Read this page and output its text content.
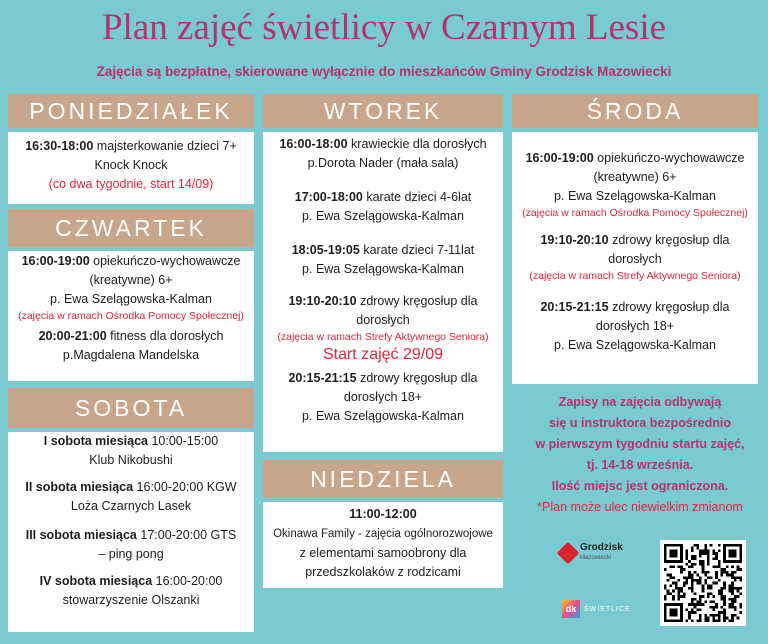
Plan zajęć świetlicy w Czarnym Lesie
Zajęcia są bezpłatne, skierowane wyłącznie do mieszkańców Gminy Grodzisk Mazowiecki
PONIEDZIAŁEK
16:30-18:00 majsterkowanie dzieci 7+
Knock Knock

(co dwa tygodnie, start 14/09)
CZWARTEK
16:00-19:00 opiekuńczo-wychowawcze
(kreatywne) 6+
p. Ewa Szelągowska-Kalman
(zajęcia w ramach Ośrodka Pomocy Społecznej)
20:00-21:00 fitness dla dorosłych
p.Magdalena Mandelska
SOBOTA
I sobota miesiąca 10:00-15:00
Klub Nikobushi
II sobota miesiąca 16:00-20:00 KGW
Loża Czarnych Lasek
III sobota miesiąca 17:00-20:00 GTS
– ping pong
IV sobota miesiąca 16:00-20:00
stowarzyszenie Olszanki
WTOREK
16:00-18:00 krawieckie dla dorosłych
p.Dorota Nader (mała sala)
17:00-18:00 karate dzieci 4-6lat
p. Ewa Szelągowska-Kalman
18:05-19:05 karate dzieci 7-11lat
p. Ewa Szelągowska-Kalman
19:10-20:10 zdrowy kręgosłup dla
dorosłych
(zajęcia w ramach Strefy Aktywnego Seniora)
Start zajęć 29/09
20:15-21:15 zdrowy kręgosłup dla
dorosłych 18+
p. Ewa Szelągowska-Kalman
NIEDZIELA
11:00-12:00
Okinawa Family - zajęcia ogólnorozwojowe
z elementami samoobrony dla
przedszkolaków z rodzicami
ŚRODA
16:00-19:00 opiekuńczo-wychowawcze
(kreatywne) 6+
p. Ewa Szelągowska-Kalman
(zajęcia w ramach Ośrodka Pomocy Społecznej)
19:10-20:10 zdrowy kręgosłup dla
dorosłych
(zajęcia w ramach Strefy Aktywnego Seniora)
20:15-21:15 zdrowy kręgosłup dla
dorosłych 18+
p. Ewa Szelągowska-Kalman
Zapisy na zajęcia odbywają
się u instruktora bezpośrednio
w pierwszym tygodniu startu zajęć,
tj. 14-18 września.
Ilość miejsc jest ograniczona.
*Plan może ulec niewielkim zmianom
Grodzisk
Mazowiecki
dk	ŚWIETLICE
